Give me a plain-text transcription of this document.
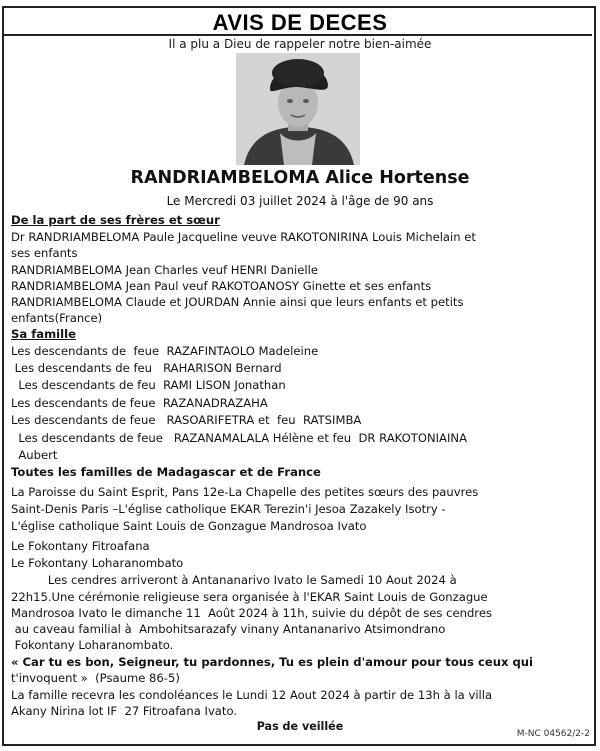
AVIS DE DECES
Il a plu a Dieu de rappeler notre bien-aimée
RANDRIAMBELOMA Alice Hortense
Le Mercredi 03 juillet 2024 à l'âge de 90 ans
De la part de ses frères et sœur
Dr RANDRIAMBELOMA Paule Jacqueline veuve RAKOTONIRINA Louis Michelain et
ses enfants
RANDRIAMBELOMA Jean Charles veuf HENRI Danielle
RANDRIAMBELOMA Jean Paul veuf RAKOTOANOSY Ginette et ses enfants
RANDRIAMBELOMA Claude et JOURDAN Annie ainsi que leurs enfants et petits
enfants(France)
Sa famille
Les descendants de  feue  RAZAFINTAOLO Madeleine
Les descendants de feu   RAHARISON Bernard
Les descendants de feu  RAMI LISON Jonathan
Les descendants de feue  RAZANADRAZAHA
Les descendants de feue   RASOARIFETRA et  feu  RATSIMBA
Les descendants de feue   RAZANAMALALA Hélène et feu  DR RAKOTONIAINA
Aubert
Toutes les familles de Madagascar et de France
La Paroisse du Saint Esprit, Pans 12e-La Chapelle des petites sœurs des pauvres
Saint-Denis Paris –L'église catholique EKAR Terezin'i Jesoa Zazakely Isotry -
L'église catholique Saint Louis de Gonzague Mandrosoa Ivato
Le Fokontany Fitroafana
Le Fokontany Loharanombato
Les cendres arriveront à Antananarivo Ivato le Samedi 10 Aout 2024 à
22h15.Une cérémonie religieuse sera organisée à l'EKAR Saint Louis de Gonzague
Mandrosoa Ivato le dimanche 11  Août 2024 à 11h, suivie du dépôt de ses cendres
au caveau familial à  Ambohitsarazafy vinany Antananarivo Atsimondrano
Fokontany Loharanombato.
« Car tu es bon, Seigneur, tu pardonnes, Tu es plein d'amour pour tous ceux qui
t'invoquent »  (Psaume 86-5)
La famille recevra les condoléances le Lundi 12 Aout 2024 à partir de 13h à la villa
Akany Nirina lot IF  27 Fitroafana Ivato.
Pas de veillée
M-NC 04562/2-2
